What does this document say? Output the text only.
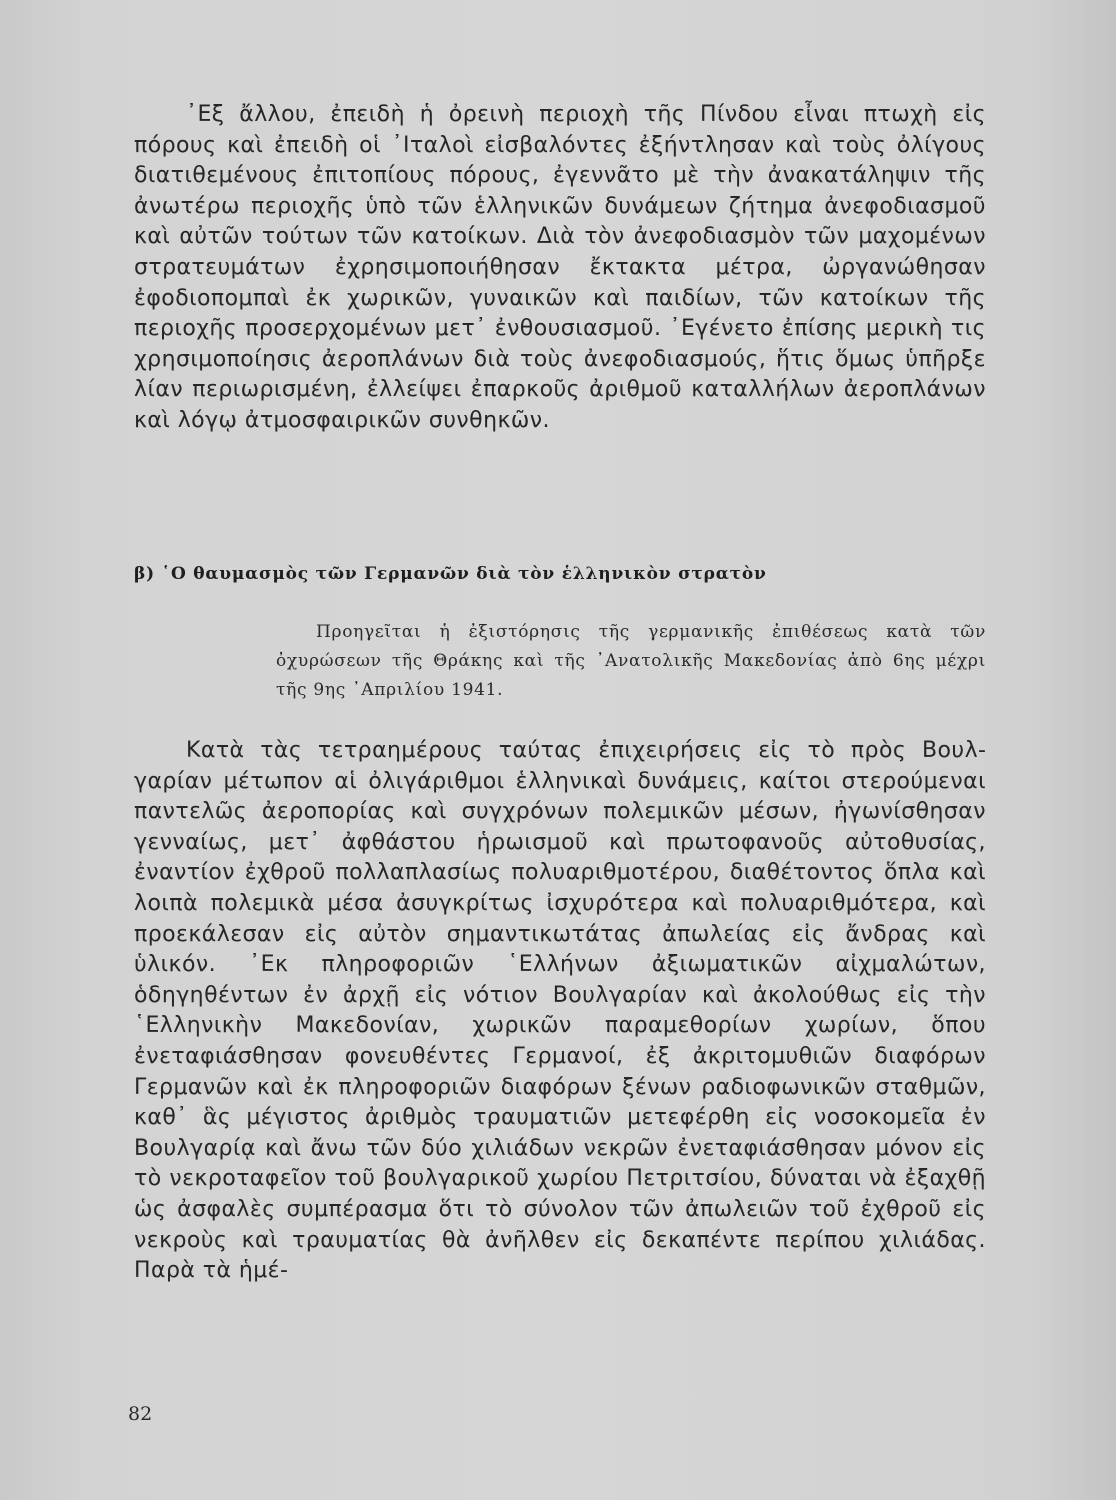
᾿Εξ ἄλλου, ἐπειδὴ ἡ ὀρεινὴ περιοχὴ τῆς Πίνδου εἶναι πτωχὴ εἰς πόρους καὶ ἐπειδὴ οἱ ᾿Ιταλοὶ εἰσβαλόντες ἐξήντλησαν καὶ τοὺς ὀλίγους διατιθεμένους ἐπιτοπίους πόρους, ἐγεννᾶτο μὲ τὴν ἀνακατάληψιν τῆς ἀνωτέρω περιοχῆς ὑπὸ τῶν ἑλληνικῶν δυνάμεων ζήτημα ἀνεφοδιασμοῦ καὶ αὐτῶν τούτων τῶν κατοίκων. Διὰ τὸν ἀνεφοδιασμὸν τῶν μαχομένων στρατευμάτων ἐχρησιμοποιήθησαν ἔκτακτα μέτρα, ὠργανώθησαν ἐφοδιοπομπαὶ ἐκ χωρικῶν, γυναικῶν καὶ παιδίων, τῶν κατοίκων τῆς περιοχῆς προσερχομένων μετ᾿ ἐνθουσιασμοῦ. ᾿Εγένετο ἐπίσης μερικὴ τις χρησιμοποίησις ἀεροπλάνων διὰ τοὺς ἀνεφοδιασμούς, ἥτις ὅμως ὑπῆρξε λίαν περιωρισμένη, ἐλλείψει ἐπαρκοῦς ἀριθμοῦ καταλλήλων ἀεροπλάνων καὶ λόγῳ ἀτμοσφαιρικῶν συνθηκῶν.

β) ῾Ο θαυμασμὸς τῶν Γερμανῶν διὰ τὸν ἑλληνικὸν στρατὸν

Προηγεῖται ἡ ἐξιστόρησις τῆς γερμανικῆς ἐπιθέσεως κατὰ τῶν ὀχυρώσεων τῆς Θράκης καὶ τῆς ᾿Ανατολικῆς Μακεδονίας ἀπὸ 6ης μέχρι τῆς 9ης ᾿Απριλίου 1941.

Κατὰ τὰς τετραημέρους ταύτας ἐπιχειρήσεις εἰς τὸ πρὸς Βουλγαρίαν μέτωπον αἱ ὀλιγάριθμοι ἑλληνικαὶ δυνάμεις, καίτοι στερούμεναι παντελῶς ἀεροπορίας καὶ συγχρόνων πολεμικῶν μέσων, ἠγωνίσθησαν γενναίως, μετ᾿ ἀφθάστου ἡρωισμοῦ καὶ πρωτοφανοῦς αὐτοθυσίας, ἐναντίον ἐχθροῦ πολλαπλασίως πολυαριθμοτέρου, διαθέτοντος ὅπλα καὶ λοιπὰ πολεμικὰ μέσα ἀσυγκρίτως ἰσχυρότερα καὶ πολυαριθμότερα, καὶ προεκάλεσαν εἰς αὐτὸν σημαντικωτάτας ἀπωλείας εἰς ἄνδρας καὶ ὑλικόν. ᾿Εκ πληροφοριῶν ῾Ελλήνων ἀξιωματικῶν αἰχμαλώτων, ὁδηγηθέντων ἐν ἀρχῇ εἰς νότιον Βουλγαρίαν καὶ ἀκολούθως εἰς τὴν ῾Ελληνικὴν Μακεδονίαν, χωρικῶν παραμεθορίων χωρίων, ὅπου ἐνεταφιάσθησαν φονευθέντες Γερμανοί, ἐξ ἀκριτομυθιῶν διαφόρων Γερμανῶν καὶ ἐκ πληροφοριῶν διαφόρων ξένων ραδιοφωνικῶν σταθμῶν, καθ᾿ ἃς μέγιστος ἀριθμὸς τραυματιῶν μετεφέρθη εἰς νοσοκομεῖα ἐν Βουλγαρίᾳ καὶ ἄνω τῶν δύο χιλιάδων νεκρῶν ἐνεταφιάσθησαν μόνον εἰς τὸ νεκροταφεῖον τοῦ βουλγαρικοῦ χωρίου Πετριτσίου, δύναται νὰ ἐξαχθῇ ὡς ἀσφαλὲς συμπέρασμα ὅτι τὸ σύνολον τῶν ἀπωλειῶν τοῦ ἐχθροῦ εἰς νεκροὺς καὶ τραυματίας θὰ ἀνῆλθεν εἰς δεκαπέντε περίπου χιλιάδας. Παρὰ τὰ ἡμέ-

82
